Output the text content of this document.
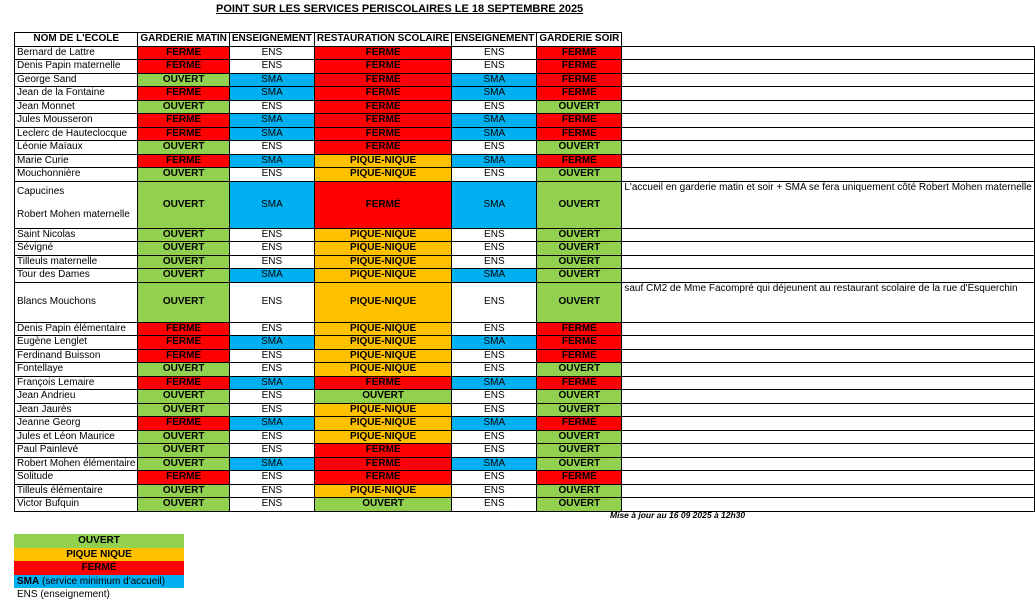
POINT SUR LES SERVICES PERISCOLAIRES LE 18 SEPTEMBRE 2025
NOM DE L'ÉCOLE	GARDERIE MATIN	ENSEIGNEMENT	RESTAURATION SCOLAIRE	ENSEIGNEMENT	GARDERIE SOIR	
Bernard de Lattre	FERMÉ	ENS	FERMÉ	ENS	FERMÉ	
Denis Papin maternelle	FERMÉ	ENS	FERMÉ	ENS	FERMÉ	
George Sand	OUVERT	SMA	FERMÉ	SMA	FERMÉ	
Jean de la Fontaine	FERMÉ	SMA	FERMÉ	SMA	FERMÉ	
Jean Monnet	OUVERT	ENS	FERMÉ	ENS	OUVERT	
Jules Mousseron	FERMÉ	SMA	FERMÉ	SMA	FERMÉ	
Leclerc de Hauteclocque	FERMÉ	SMA	FERMÉ	SMA	FERMÉ	
Léonie Maïaux	OUVERT	ENS	FERMÉ	ENS	OUVERT	
Marie Curie	FERMÉ	SMA	PIQUE-NIQUE	SMA	FERMÉ	
Mouchonnière	OUVERT	ENS	PIQUE-NIQUE	ENS	OUVERT	

Capucines
Robert Mohen maternelle	OUVERT	SMA	FERMÉ	SMA	OUVERT	L'accueil en garderie matin et soir + SMA se fera uniquement côté Robert Mohen maternelle
Saint Nicolas	OUVERT	ENS	PIQUE-NIQUE	ENS	OUVERT	
Sévigné	OUVERT	ENS	PIQUE-NIQUE	ENS	OUVERT	
Tilleuls maternelle	OUVERT	ENS	PIQUE-NIQUE	ENS	OUVERT	
Tour des Dames	OUVERT	SMA	PIQUE-NIQUE	SMA	OUVERT	
Blancs Mouchons	OUVERT	ENS	PIQUE-NIQUE	ENS	OUVERT	sauf CM2 de Mme Facompré qui déjeunent au restaurant scolaire de la rue d'Esquerchin
Denis Papin élémentaire	FERMÉ	ENS	PIQUE-NIQUE	ENS	FERMÉ	
Eugène Lenglet	FERMÉ	SMA	PIQUE-NIQUE	SMA	FERMÉ	
Ferdinand Buisson	FERMÉ	ENS	PIQUE-NIQUE	ENS	FERMÉ	
Fontellaye	OUVERT	ENS	PIQUE-NIQUE	ENS	OUVERT	
François Lemaire	FERMÉ	SMA	FERMÉ	SMA	FERMÉ	
Jean Andrieu	OUVERT	ENS	OUVERT	ENS	OUVERT	
Jean Jaurès	OUVERT	ENS	PIQUE-NIQUE	ENS	OUVERT	
Jeanne Georg	FERMÉ	SMA	PIQUE-NIQUE	SMA	FERMÉ	
Jules et Léon Maurice	OUVERT	ENS	PIQUE-NIQUE	ENS	OUVERT	
Paul Painlevé	OUVERT	ENS	FERMÉ	ENS	OUVERT	
Robert Mohen élémentaire	OUVERT	SMA	FERMÉ	SMA	OUVERT	
Solitude	FERMÉ	ENS	FERMÉ	ENS	FERMÉ	
Tilleuls élémentaire	OUVERT	ENS	PIQUE-NIQUE	ENS	OUVERT	
Victor Bufquin	OUVERT	ENS	OUVERT	ENS	OUVERT	
Mise à jour au 16 09 2025 à 12h30
OUVERT
PIQUE NIQUE
FERMÉ
SMA (service minimum d'accueil)
ENS (enseignement)
